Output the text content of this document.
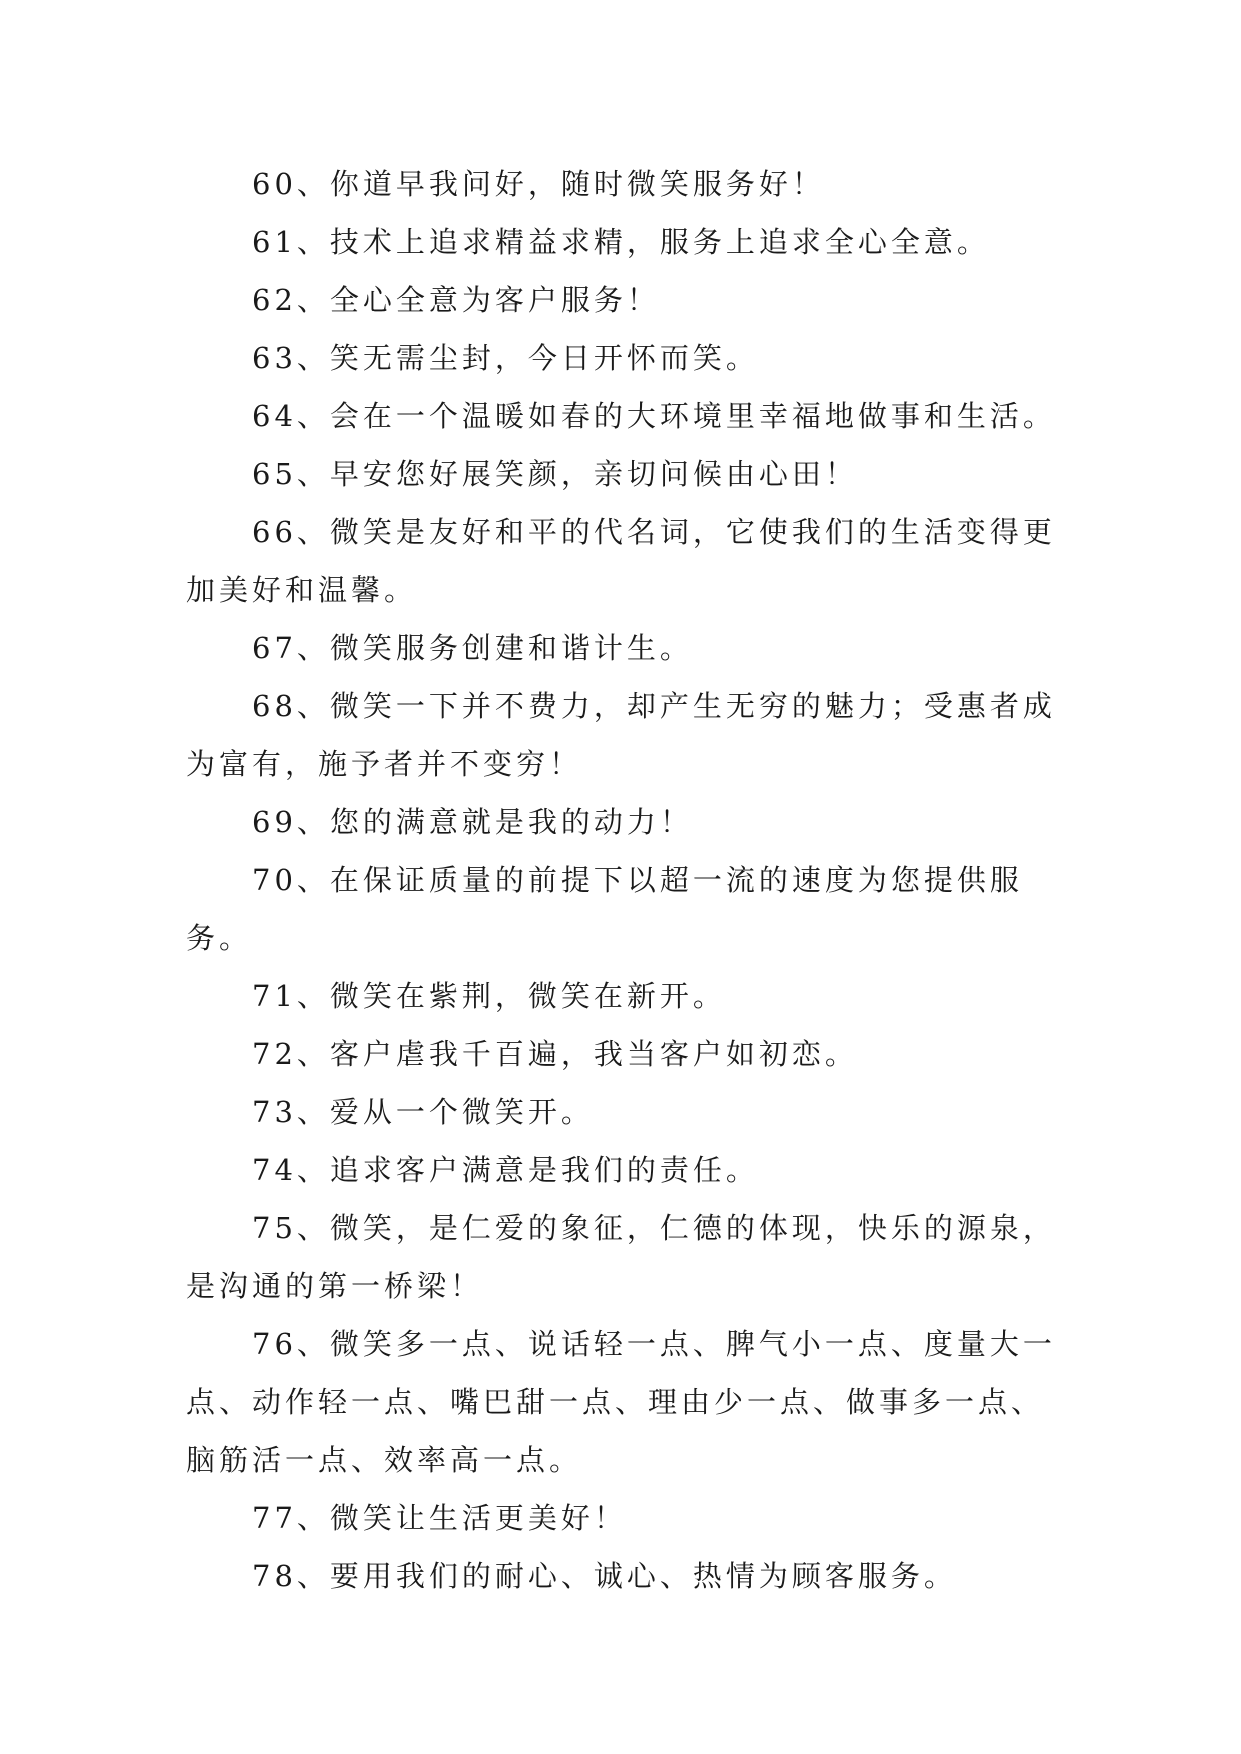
60、你道早我问好，随时微笑服务好！

61、技术上追求精益求精，服务上追求全心全意。

62、全心全意为客户服务！

63、笑无需尘封，今日开怀而笑。

64、会在一个温暖如春的大环境里幸福地做事和生活。

65、早安您好展笑颜，亲切问候由心田！

66、微笑是友好和平的代名词，它使我们的生活变得更加美好和温馨。

67、微笑服务创建和谐计生。

68、微笑一下并不费力，却产生无穷的魅力；受惠者成为富有，施予者并不变穷！

69、您的满意就是我的动力！

70、在保证质量的前提下以超一流的速度为您提供服务。

71、微笑在紫荆，微笑在新开。

72、客户虐我千百遍，我当客户如初恋。

73、爱从一个微笑开。

74、追求客户满意是我们的责任。

75、微笑，是仁爱的象征，仁德的体现，快乐的源泉，是沟通的第一桥梁！

76、微笑多一点、说话轻一点、脾气小一点、度量大一点、动作轻一点、嘴巴甜一点、理由少一点、做事多一点、脑筋活一点、效率高一点。

77、微笑让生活更美好！

78、要用我们的耐心、诚心、热情为顾客服务。
